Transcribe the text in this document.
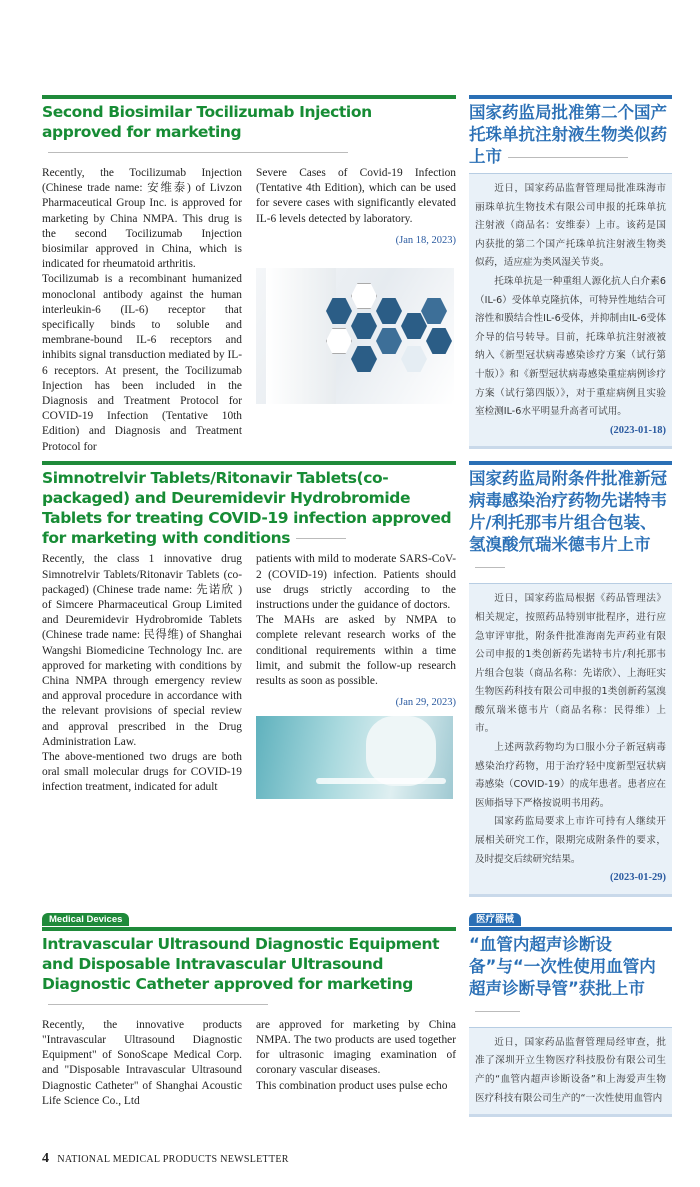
Second Biosimilar Tocilizumab Injection approved for marketing

Recently, the Tocilizumab Injection (Chinese trade name: 安维泰) of Livzon Pharmaceutical Group Inc. is approved for marketing by China NMPA. This drug is the second Tocilizumab Injection biosimilar approved in China, which is indicated for rheumatoid arthritis.

Tocilizumab is a recombinant humanized monoclonal antibody against the human interleukin-6 (IL-6) receptor that specifically binds to soluble and membrane-bound IL-6 receptors and inhibits signal transduction mediated by IL-6 receptors. At present, the Tocilizumab Injection has been included in the Diagnosis and Treatment Protocol for COVID-19 Infection (Tentative 10th Edition) and Diagnosis and Treatment Protocol for

Severe Cases of Covid-19 Infection (Tentative 4th Edition), which can be used for severe cases with significantly elevated IL-6 levels detected by laboratory.

(Jan 18, 2023)
国家药监局批准第二个国产托珠单抗注射液生物类似药上市

近日，国家药品监督管理局批准珠海市丽珠单抗生物技术有限公司申报的托珠单抗注射液（商品名：安维泰）上市。该药是国内获批的第二个国产托珠单抗注射液生物类似药，适应症为类风湿关节炎。

托珠单抗是一种重组人源化抗人白介素6（IL-6）受体单克隆抗体，可特异性地结合可溶性和膜结合性IL-6受体，并抑制由IL-6受体介导的信号转导。目前，托珠单抗注射液被纳入《新型冠状病毒感染诊疗方案（试行第十版）》和《新型冠状病毒感染重症病例诊疗方案（试行第四版）》，对于重症病例且实验室检测IL-6水平明显升高者可试用。

(2023-01-18)
Simnotrelvir Tablets/Ritonavir Tablets(co-packaged) and Deuremidevir Hydrobromide Tablets for treating COVID-19 infection approved for marketing with conditions

Recently, the class 1 innovative drug Simnotrelvir Tablets/Ritonavir Tablets (co-packaged) (Chinese trade name: 先诺欣 ) of Simcere Pharmaceutical Group Limited and Deuremidevir Hydrobromide Tablets (Chinese trade name: 民得维) of Shanghai Wangshi Biomedicine Technology Inc. are approved for marketing with conditions by China NMPA through emergency review and approval procedure in accordance with the relevant provisions of special review and approval prescribed in the Drug Administration Law.

The above-mentioned two drugs are both oral small molecular drugs for COVID-19 infection treatment, indicated for adult

patients with mild to moderate SARS-CoV-2 (COVID-19) infection. Patients should use drugs strictly according to the instructions under the guidance of doctors.

The MAHs are asked by NMPA to complete relevant research works of the conditional requirements within a time limit, and submit the follow-up research results as soon as possible.

(Jan 29, 2023)
国家药监局附条件批准新冠病毒感染治疗药物先诺特韦片/利托那韦片组合包装、氢溴酸氘瑞米德韦片上市

近日，国家药监局根据《药品管理法》相关规定，按照药品特别审批程序，进行应急审评审批，附条件批准海南先声药业有限公司申报的1类创新药先诺特韦片/利托那韦片组合包装（商品名称：先诺欣）、上海旺实生物医药科技有限公司申报的1类创新药氢溴酸氘瑞米德韦片（商品名称：民得维）上市。

上述两款药物均为口服小分子新冠病毒感染治疗药物，用于治疗轻中度新型冠状病毒感染（COVID-19）的成年患者。患者应在医师指导下严格按说明书用药。

国家药监局要求上市许可持有人继续开展相关研究工作，限期完成附条件的要求，及时提交后续研究结果。

(2023-01-29)
Medical Devices
Intravascular Ultrasound Diagnostic Equipment and Disposable Intravascular Ultrasound Diagnostic Catheter approved for marketing

Recently, the innovative products "Intravascular Ultrasound Diagnostic Equipment" of SonoScape Medical Corp. and "Disposable Intravascular Ultrasound Diagnostic Catheter" of Shanghai Acoustic Life Science Co., Ltd

are approved for marketing by China NMPA. The two products are used together for ultrasonic imaging examination of coronary vascular diseases.

This combination product uses pulse echo

医疗器械
“血管内超声诊断设备”与“一次性使用血管内超声诊断导管”获批上市

近日，国家药品监督管理局经审查，批准了深圳开立生物医疗科技股份有限公司生产的“血管内超声诊断设备”和上海爱声生物医疗科技有限公司生产的“一次性使用血管内

4 NATIONAL MEDICAL PRODUCTS NEWSLETTER
